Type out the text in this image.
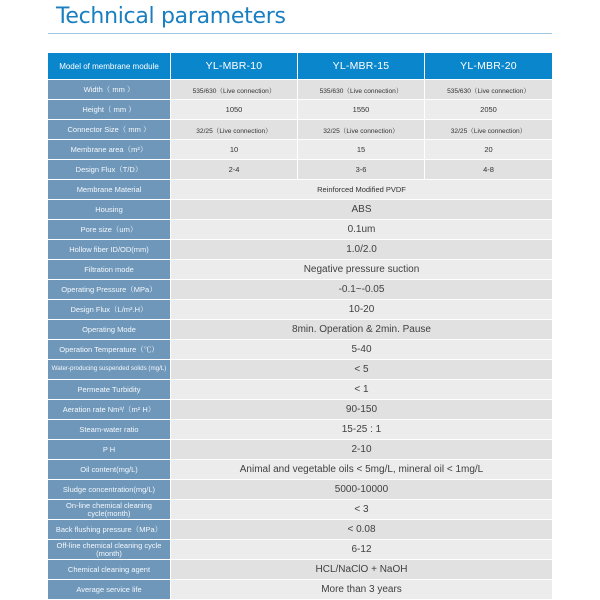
Technical parameters
Model of membrane module	YL-MBR-10	YL-MBR-15	YL-MBR-20
Width（ mm ）	535/630（Live connection）	535/630（Live connection）	535/630（Live connection）
Height（ mm ）	1050	1550	2050
Connector Size（ mm ）	32/25（Live connection）	32/25（Live connection）	32/25（Live connection）
Membrane area（m²）	10	15	20
Design Flux（T/D）	2-4	3-6	4-8
Membrane Material	Reinforced Modified PVDF		
Housing	ABS		
Pore size（um）	0.1um		
Hollow fiber ID/OD(mm)	1.0/2.0		
Filtration mode	Negative pressure suction		
Operating Pressure（MPa）	-0.1~-0.05		
Design Flux（L/m².H）	10-20		
Operating Mode	8min. Operation & 2min. Pause		
Operation Temperature（℃）	5-40		
Water-producing suspended solids (mg/L)	< 5		
Permeate Turbidity	< 1		
Aeration rate Nm³/（m² H）	90-150		
Steam-water ratio	15-25 : 1		
P H	2-10		
Oil content(mg/L)	Animal and vegetable oils < 5mg/L, mineral oil < 1mg/L		
Sludge concentration(mg/L)	5000-10000		
On-line chemical cleaning cycle(month)	< 3		
Back flushing pressure（MPa）	< 0.08		
Off-line chemical cleaning cycle (month)	6-12		
Chemical cleaning agent	HCL/NaClO + NaOH		
Average service life	More than 3 years		
